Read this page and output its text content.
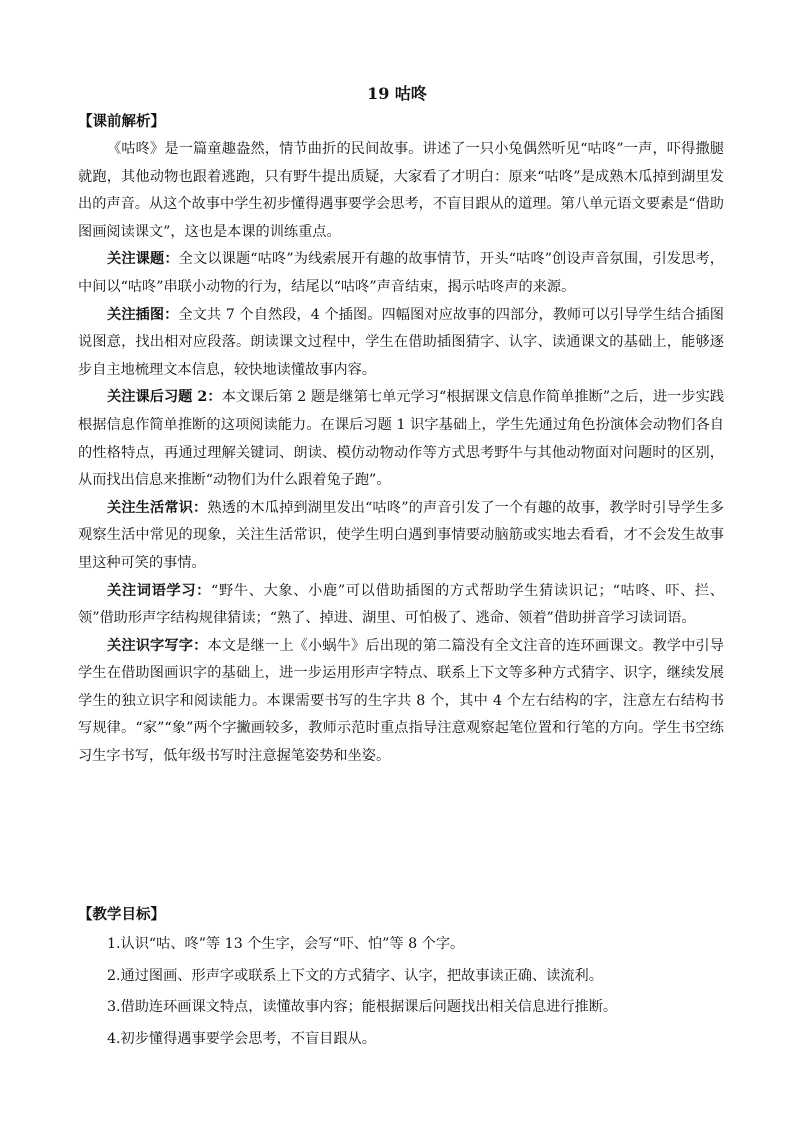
19 咕咚
【课前解析】

《咕咚》是一篇童趣盎然，情节曲折的民间故事。讲述了一只小兔偶然听见“咕咚”一声，吓得撒腿就跑，其他动物也跟着逃跑，只有野牛提出质疑，大家看了才明白：原来“咕咚”是成熟木瓜掉到湖里发出的声音。从这个故事中学生初步懂得遇事要学会思考，不盲目跟从的道理。第八单元语文要素是“借助图画阅读课文”，这也是本课的训练重点。

关注课题：全文以课题“咕咚”为线索展开有趣的故事情节，开头“咕咚”创设声音氛围，引发思考，中间以“咕咚”串联小动物的行为，结尾以“咕咚”声音结束，揭示咕咚声的来源。

关注插图：全文共 7 个自然段，4 个插图。四幅图对应故事的四部分，教师可以引导学生结合插图说图意，找出相对应段落。朗读课文过程中，学生在借助插图猜字、认字、读通课文的基础上，能够逐步自主地梳理文本信息，较快地读懂故事内容。

关注课后习题 2：本文课后第 2 题是继第七单元学习“根据课文信息作简单推断”之后，进一步实践根据信息作简单推断的这项阅读能力。在课后习题 1 识字基础上，学生先通过角色扮演体会动物们各自的性格特点，再通过理解关键词、朗读、模仿动物动作等方式思考野牛与其他动物面对问题时的区别，从而找出信息来推断“动物们为什么跟着兔子跑”。

关注生活常识：熟透的木瓜掉到湖里发出“咕咚”的声音引发了一个有趣的故事，教学时引导学生多观察生活中常见的现象，关注生活常识，使学生明白遇到事情要动脑筋或实地去看看，才不会发生故事里这种可笑的事情。

关注词语学习：“野牛、大象、小鹿”可以借助插图的方式帮助学生猜读识记；“咕咚、吓、拦、领”借助形声字结构规律猜读；“熟了、掉进、湖里、可怕极了、逃命、领着”借助拼音学习读词语。

关注识字写字：本文是继一上《小蜗牛》后出现的第二篇没有全文注音的连环画课文。教学中引导学生在借助图画识字的基础上，进一步运用形声字特点、联系上下文等多种方式猜字、识字，继续发展学生的独立识字和阅读能力。本课需要书写的生字共 8 个，其中 4 个左右结构的字，注意左右结构书写规律。“家”“象”两个字撇画较多，教师示范时重点指导注意观察起笔位置和行笔的方向。学生书空练习生字书写，低年级书写时注意握笔姿势和坐姿。

【教学目标】
1.认识“咕、咚”等 13 个生字，会写“吓、怕”等 8 个字。
2.通过图画、形声字或联系上下文的方式猜字、认字，把故事读正确、读流利。
3.借助连环画课文特点，读懂故事内容；能根据课后问题找出相关信息进行推断。
4.初步懂得遇事要学会思考，不盲目跟从。
